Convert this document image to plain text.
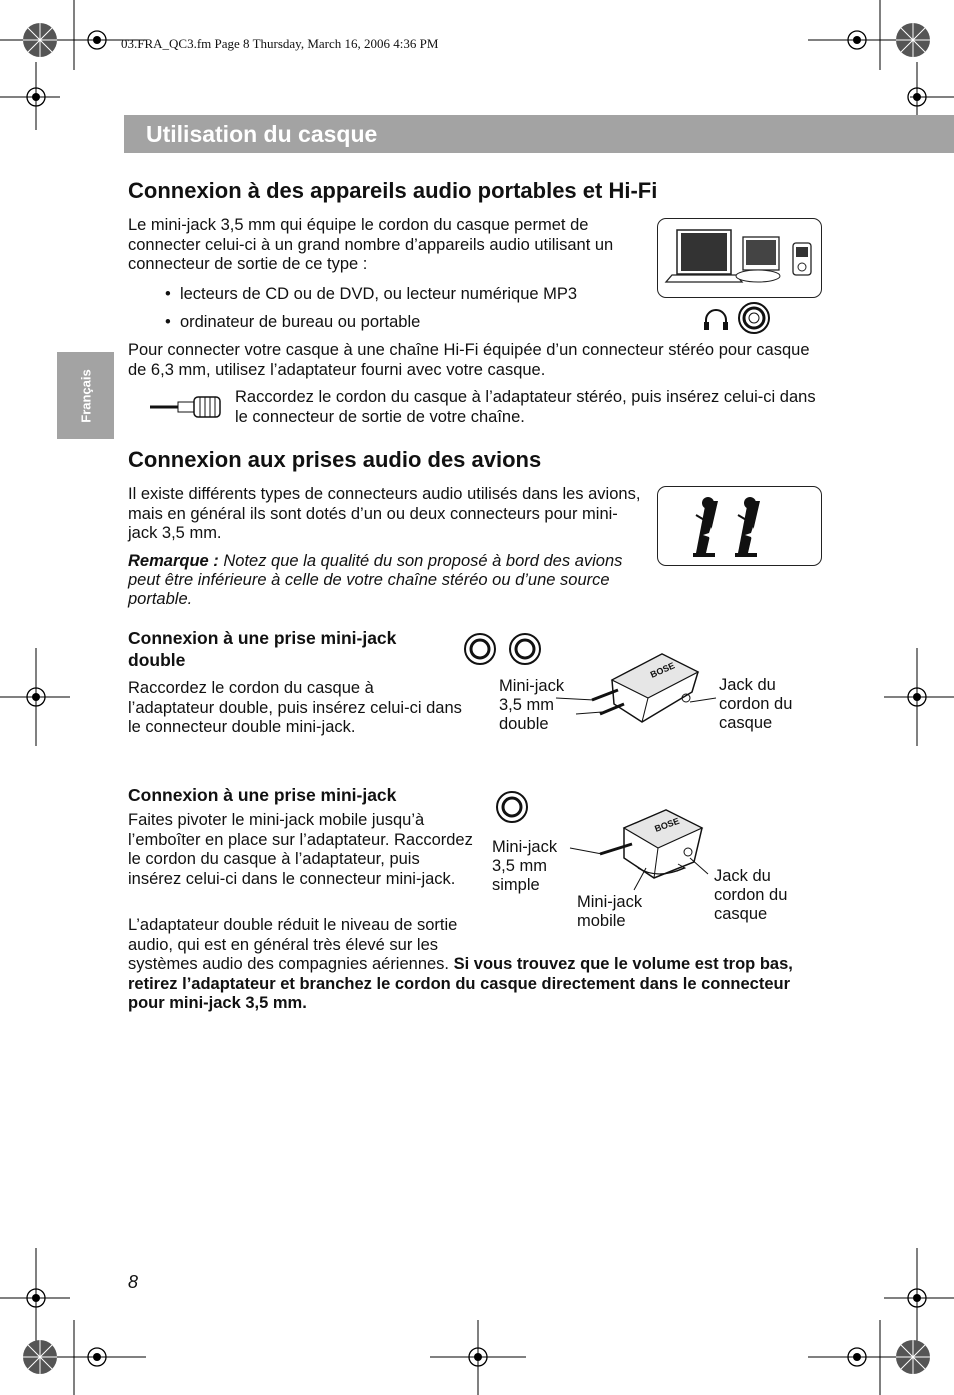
03.FRA_QC3.fm Page 8 Thursday, March 16, 2006 4:36 PM
Utilisation du casque
Français
Connexion à des appareils audio portables et Hi-Fi

Le mini-jack 3,5 mm qui équipe le cordon du casque permet de connecter celui-ci à un grand nombre d’appareils audio utilisant un connecteur de sortie de ce type :

•  lecteurs de CD ou de DVD, ou lecteur numérique MP3
•  ordinateur de bureau ou portable

Pour connecter votre casque à une chaîne Hi-Fi équipée d’un connecteur stéréo pour casque de 6,3 mm, utilisez l’adaptateur fourni avec votre casque.

Raccordez le cordon du casque à l’adaptateur stéréo, puis insérez celui-ci dans le connecteur de sortie de votre chaîne.

Connexion aux prises audio des avions

Il existe différents types de connecteurs audio utilisés dans les avions, mais en général ils sont dotés d’un ou deux connecteurs pour mini-jack 3,5 mm.

Remarque : Notez que la qualité du son proposé à bord des avions peut être inférieure à celle de votre chaîne stéréo ou d’une source portable.

Connexion à une prise mini-jack double

Raccordez le cordon du casque à l’adaptateur double, puis insérez celui-ci dans le connecteur double mini-jack.

Mini-jack
3,5 mm
double
BOSE
Jack du
cordon du
casque
Connexion à une prise mini-jack

Faites pivoter le mini-jack mobile jusqu’à l’emboîter en place sur l’adaptateur. Raccordez le cordon du casque à l’adaptateur, puis insérez celui-ci dans le connecteur mini-jack.

Mini-jack
3,5 mm
simple
BOSE
Mini-jack
mobile
Jack du
cordon du
casque

L’adaptateur double réduit le niveau de sortie audio, qui est en général très élevé sur les systèmes audio des compagnies aériennes. Si vous trouvez que le volume est trop bas, retirez l’adaptateur et branchez le cordon du casque directement dans le connecteur pour mini-jack 3,5 mm.

8
